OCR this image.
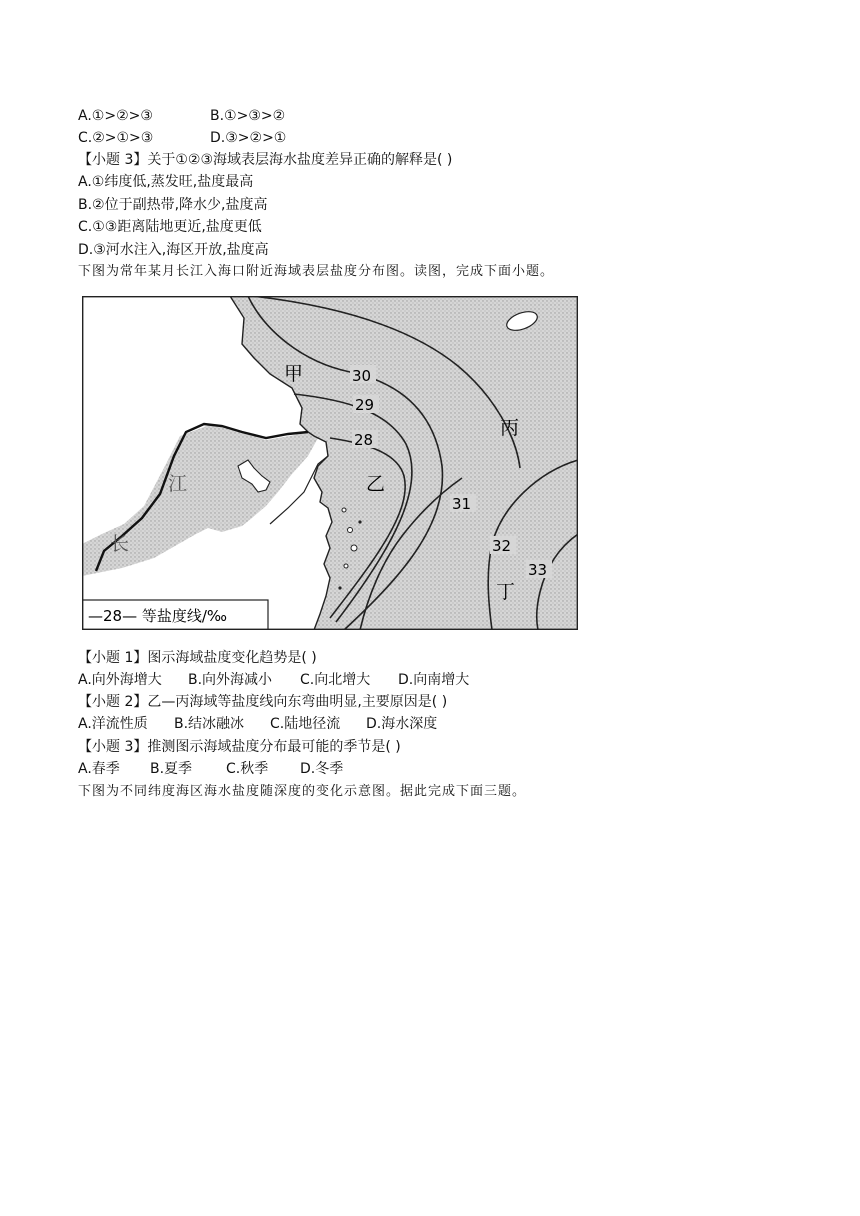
A.①>②>③	B.①>③>②
C.②>①>③	D.③>②>①
【小题 3】关于①②③海域表层海水盐度差异正确的解释是( )
A.①纬度低,蒸发旺,盐度最高
B.②位于副热带,降水少,盐度高
C.①③距离陆地更近,盐度更低
D.③河水注入,海区开放,盐度高
下图为常年某月长江入海口附近海域表层盐度分布图。读图，完成下面小题。
30
29
28
31
32
33
甲
乙
丙
丁
江
长
—28— 等盐度线/‰
【小题 1】图示海域盐度变化趋势是( )
A.向外海增大 B.向外海减小 C.向北增大 D.向南增大
【小题 2】乙—丙海域等盐度线向东弯曲明显,主要原因是( )
A.洋流性质 B.结冰融冰 C.陆地径流 D.海水深度
【小题 3】推测图示海域盐度分布最可能的季节是( )
A.春季 B.夏季 C.秋季 D.冬季
下图为不同纬度海区海水盐度随深度的变化示意图。据此完成下面三题。
